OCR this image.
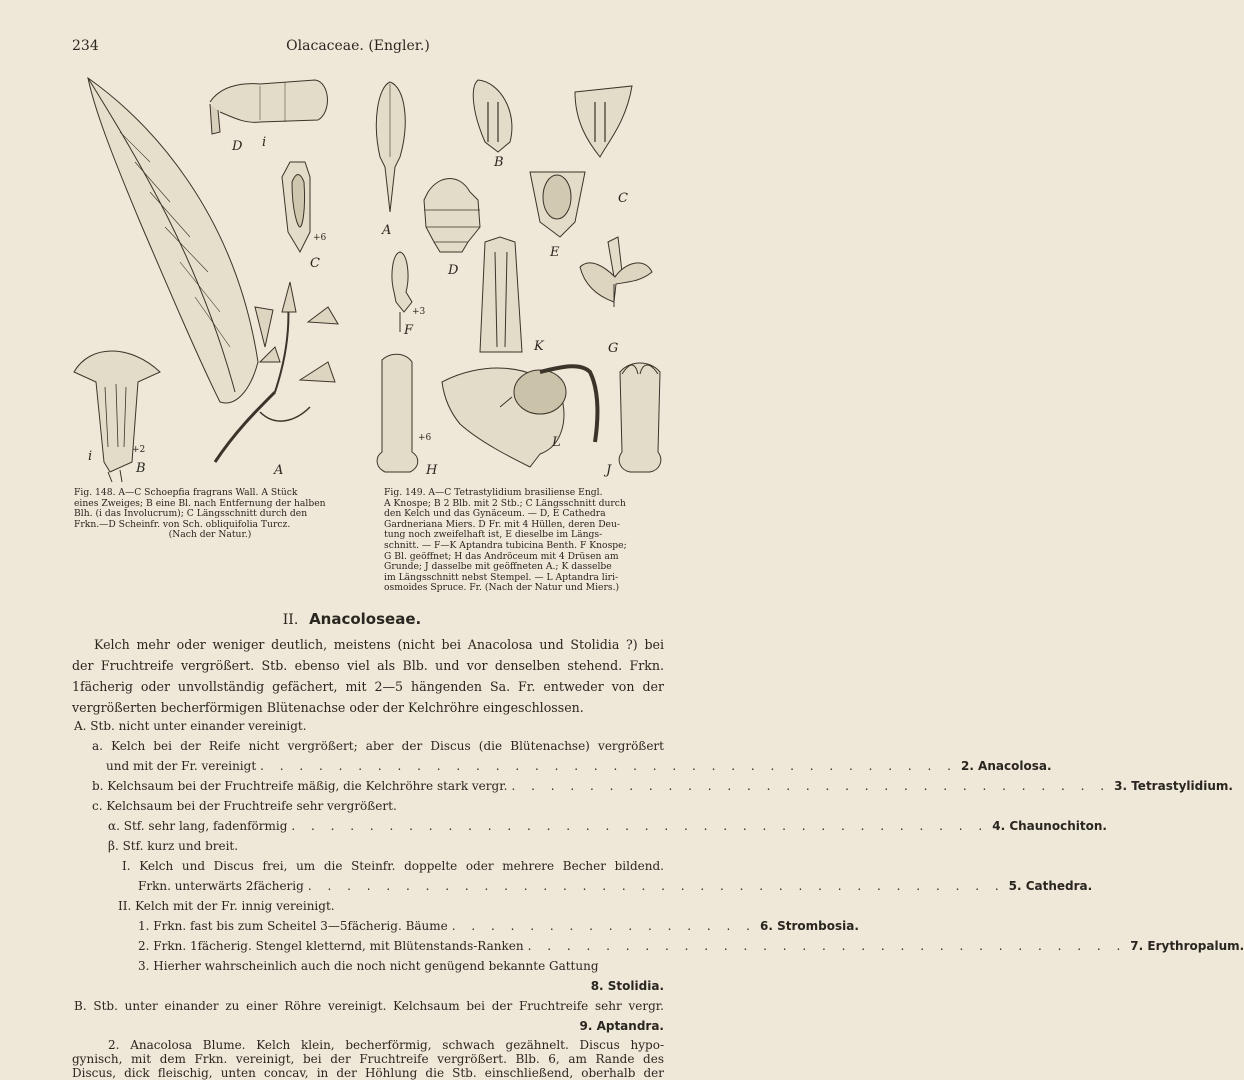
234	Olacaceae. (Engler.)
D i
C
+6
A
B
+2
i
A
B
C
D
E
F
+3
K	G
H
+6	L
J
Fig. 148. A—C Schoepfia fragrans Wall. A Stück
eines Zweiges; B eine Bl. nach Entfernung der halben
Blh. (i das Involucrum); C Längsschnitt durch den
Frkn.—D Scheinfr. von Sch. obliquifolia Turcz.
(Nach der Natur.)
Fig. 149. A—C Tetrastylidium brasiliense Engl.
A Knospe; B 2 Blb. mit 2 Stb.; C Längsschnitt durch
den Kelch und das Gynäceum. — D, E Cathedra
Gardneriana Miers. D Fr. mit 4 Hüllen, deren Deu-
tung noch zweifelhaft ist, E dieselbe im Längs-
schnitt. — F—K Aptandra tubicina Benth. F Knospe;
G Bl. geöffnet; H das Andröceum mit 4 Drüsen am
Grunde; J dasselbe mit geöffneten A.; K dasselbe
im Längsschnitt nebst Stempel. — L Aptandra liri-
osmoides Spruce. Fr. (Nach der Natur und Miers.)
II. Anacoloseae.
Kelch mehr oder weniger deutlich, meistens (nicht bei Anacolosa und Stolidia ?) bei
der Fruchtreife vergrößert. Stb. ebenso viel als Blb. und vor denselben stehend. Frkn.
1fächerig oder unvollständig gefächert, mit 2—5 hängenden Sa. Fr. entweder von der
vergrößerten becherförmigen Blütenachse oder der Kelchröhre eingeschlossen.
A. Stb. nicht unter einander vereinigt.
a. Kelch bei der Reife nicht vergrößert; aber der Discus (die Blütenachse) vergrößert
und mit der Fr. vereinigt . . . . . . . . . . . . . . . . . . . . . . . . . . . . . . . . . . . . 2. Anacolosa.
b. Kelchsaum bei der Fruchtreife mäßig, die Kelchröhre stark vergr. . . . . . . . . . . . . . . . . . . . . . . . . . . . . . . . 3. Tetrastylidium.
c. Kelchsaum bei der Fruchtreife sehr vergrößert.
α. Stf. sehr lang, fadenförmig . . . . . . . . . . . . . . . . . . . . . . . . . . . . . . . . . . . . 4. Chaunochiton.
β. Stf. kurz und breit.
I. Kelch und Discus frei, um die Steinfr. doppelte oder mehrere Becher bildend.
Frkn. unterwärts 2fächerig . . . . . . . . . . . . . . . . . . . . . . . . . . . . . . . . . . . . 5. Cathedra.
II. Kelch mit der Fr. innig vereinigt.
1. Frkn. fast bis zum Scheitel 3—5fächerig. Bäume . . . . . . . . . . . . . . . . 6. Strombosia.
2. Frkn. 1fächerig. Stengel kletternd, mit Blütenstands-Ranken . . . . . . . . . . . . . . . . . . . . . . . . . . . . . . . 7. Erythropalum.
3. Hierher wahrscheinlich auch die noch nicht genügend bekannte Gattung
8. Stolidia.
B. Stb. unter einander zu einer Röhre vereinigt. Kelchsaum bei der Fruchtreife sehr vergr.
9. Aptandra.
2. Anacolosa Blume. Kelch klein, becherförmig, schwach gezähnelt. Discus hypo-
gynisch, mit dem Frkn. vereinigt, bei der Fruchtreife vergrößert. Blb. 6, am Rande des
Discus, dick fleischig, unten concav, in der Höhlung die Stb. einschließend, oberhalb der
